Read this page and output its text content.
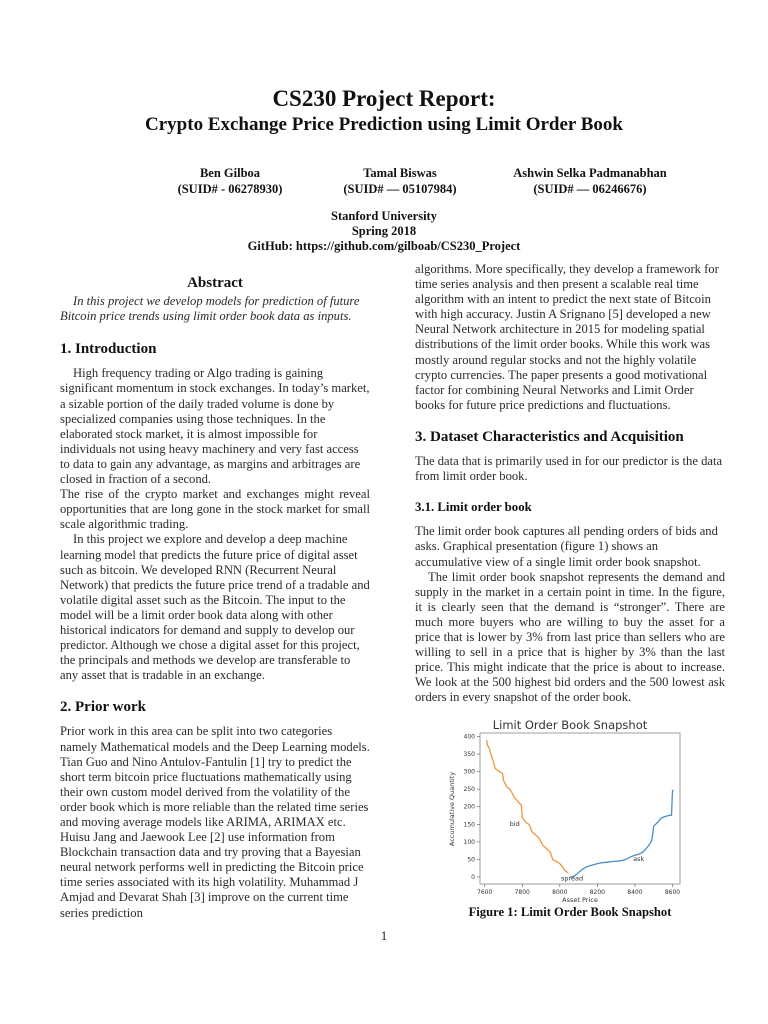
CS230 Project Report:
Crypto Exchange Price Prediction using Limit Order Book
Ben Gilboa
(SUID# - 06278930)
Tamal Biswas
(SUID# — 05107984)
Ashwin Selka Padmanabhan
(SUID# — 06246676)
Stanford University
Spring 2018
GitHub: https://github.com/gilboab/CS230_Project

Abstract

In this project we develop models for prediction of future Bitcoin price trends using limit order book data as inputs.

1. Introduction

High frequency trading or Algo trading is gaining significant momentum in stock exchanges. In today’s market, a sizable portion of the daily traded volume is done by specialized companies using those techniques. In the elaborated stock market, it is almost impossible for individuals not using heavy machinery and very fast access to data to gain any advantage, as margins and arbitrages are closed in fraction of a second.

The rise of the crypto market and exchanges might reveal opportunities that are long gone in the stock market for small scale algorithmic trading.

In this project we explore and develop a deep machine learning model that predicts the future price of digital asset such as bitcoin. We developed RNN (Recurrent Neural Network) that predicts the future price trend of a tradable and volatile digital asset such as the Bitcoin. The input to the model will be a limit order book data along with other historical indicators for demand and supply to develop our predictor. Although we chose a digital asset for this project, the principals and methods we develop are transferable to any asset that is tradable in an exchange.

2. Prior work

Prior work in this area can be split into two categories namely Mathematical models and the Deep Learning models. Tian Guo and Nino Antulov-Fantulin [1] try to predict the short term bitcoin price fluctuations mathematically using their own custom model derived from the volatility of the order book which is more reliable than the related time series and moving average models like ARIMA, ARIMAX etc. Huisu Jang and Jaewook Lee [2] use information from Blockchain transaction data and try proving that a Bayesian neural network performs well in predicting the Bitcoin price time series associated with its high volatility. Muhammad J Amjad and Devarat Shah [3] improve on the current time series prediction

algorithms. More specifically, they develop a framework for time series analysis and then present a scalable real time algorithm with an intent to predict the next state of Bitcoin with high accuracy. Justin A Srignano [5] developed a new Neural Network architecture in 2015 for modeling spatial distributions of the limit order books. While this work was mostly around regular stocks and not the highly volatile crypto currencies. The paper presents a good motivational factor for combining Neural Networks and Limit Order books for future price predictions and fluctuations.

3. Dataset Characteristics and Acquisition

The data that is primarily used in for our predictor is the data from limit order book.

3.1. Limit order book

The limit order book captures all pending orders of bids and asks. Graphical presentation (figure 1) shows an accumulative view of a single limit order book snapshot.

The limit order book snapshot represents the demand and supply in the market in a certain point in time. In the figure, it is clearly seen that the demand is “stronger”. There are much more buyers who are willing to buy the asset for a price that is lower by 3% from last price than sellers who are willing to sell in a price that is higher by 3% than the last price. This might indicate that the price is about to increase. We look at the 500 highest bid orders and the 500 lowest ask orders in every snapshot of the order book.

Limit Order Book Snapshot
7600	7800	8000	8200	8400	8600
0
50
100
150
200
250
300
350
400
bid
ask
spread
Asset Price
Accumulative Quantity
Figure 1: Limit Order Book Snapshot
1
